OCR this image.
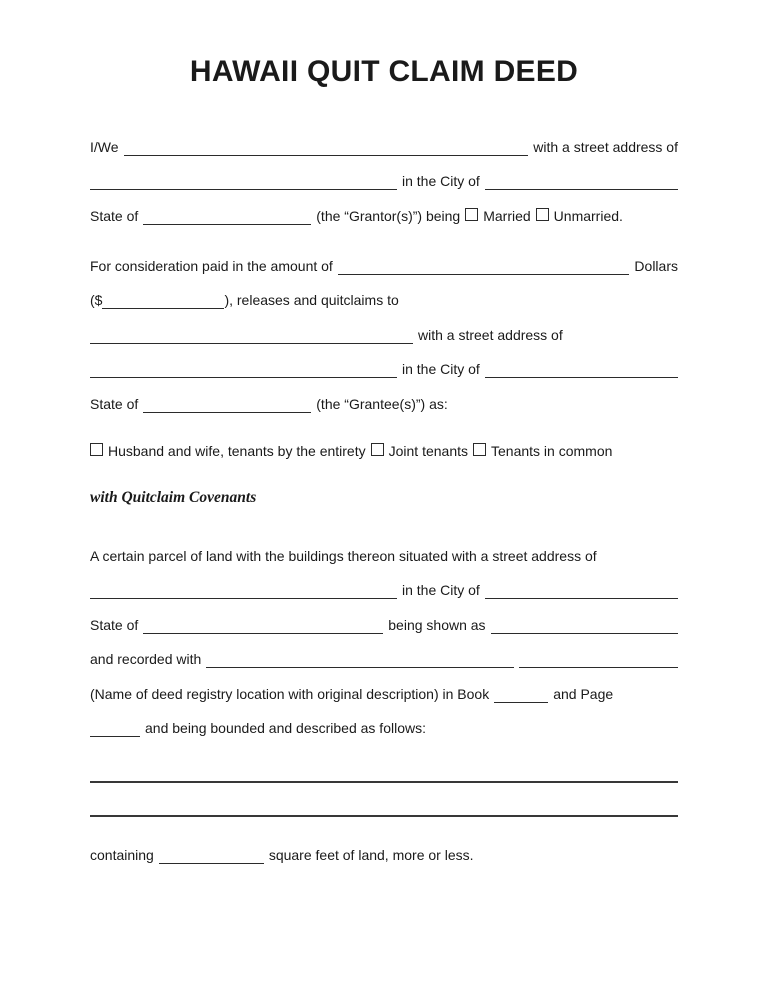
HAWAII QUIT CLAIM DEED
I/We	with a street address of
in the City of
State of	(the “Grantor(s)”) being Married Unmarried.
For consideration paid in the amount of	Dollars
($	), releases and quitclaims to
with a street address of
in the City of
State of	(the “Grantee(s)”) as:
Husband and wife, tenants by the entirety Joint tenants Tenants in common
with Quitclaim Covenants
A certain parcel of land with the buildings thereon situated with a street address of
in the City of
State of	being shown as
and recorded with
(Name of deed registry location with original description) in Book	and Page
and being bounded and described as follows:
containing	square feet of land, more or less.
